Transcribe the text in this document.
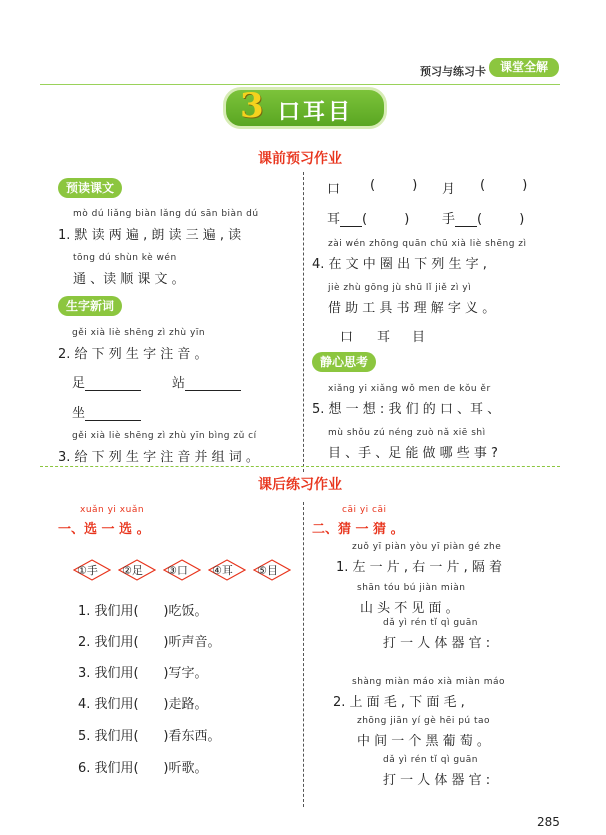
预习与练习卡	课堂全解
3 口耳目
课前预习作业
预读课文
mò dú liǎng biàn lǎng dú sān biàn dú
1. 默 读 两 遍 , 朗 读 三 遍 , 读
tōng dú shùn kè wén
通 、读 顺 课 文 。
生字新词
gěi xià liè shēng zì zhù yīn
2. 给 下 列 生 字 注 音 。
足	站
坐
gěi xià liè shēng zì zhù yīn bìng zǔ cí
3. 给 下 列 生 字 注 音 并 组 词 。
口 (         ) 月 (         )
耳 (         )	手 (         )
zài wén zhōng quān chū xià liè shēng zì
4. 在 文 中 圈 出 下 列 生 字 ,
jiè zhù gōng jù shū lǐ jiě zì yì
借 助 工 具 书 理 解 字 义 。
口 耳 目
静心思考
xiǎng yi xiǎng wǒ men de kǒu ěr
5. 想 一 想 : 我 们 的 口 、耳 、
mù shǒu zú néng zuò nǎ xiē shì
目 、手 、足 能 做 哪 些 事 ?
课后练习作业
xuǎn yi xuǎn
一、选 一 选 。
①手 ②足 ③口 ④耳 ⑤目
1. 我们用( )吃饭。
2. 我们用( )听声音。
3. 我们用( )写字。
4. 我们用( )走路。
5. 我们用( )看东西。
6. 我们用( )听歌。
cāi yi cāi
二、猜 一 猜 。
zuǒ yī piàn yòu yī piàn gé zhe
1. 左 一 片 , 右 一 片 , 隔 着
shān tóu bú jiàn miàn
山 头 不 见 面 。
dǎ yì rén tǐ qì guān
打 一 人 体 器 官 :
shàng miàn máo xià miàn máo
2. 上 面 毛 , 下 面 毛 ,
zhōng jiān yí gè hēi pú tao
中 间 一 个 黑 葡 萄 。
dǎ yì rén tǐ qì guān
打 一 人 体 器 官 :
285
